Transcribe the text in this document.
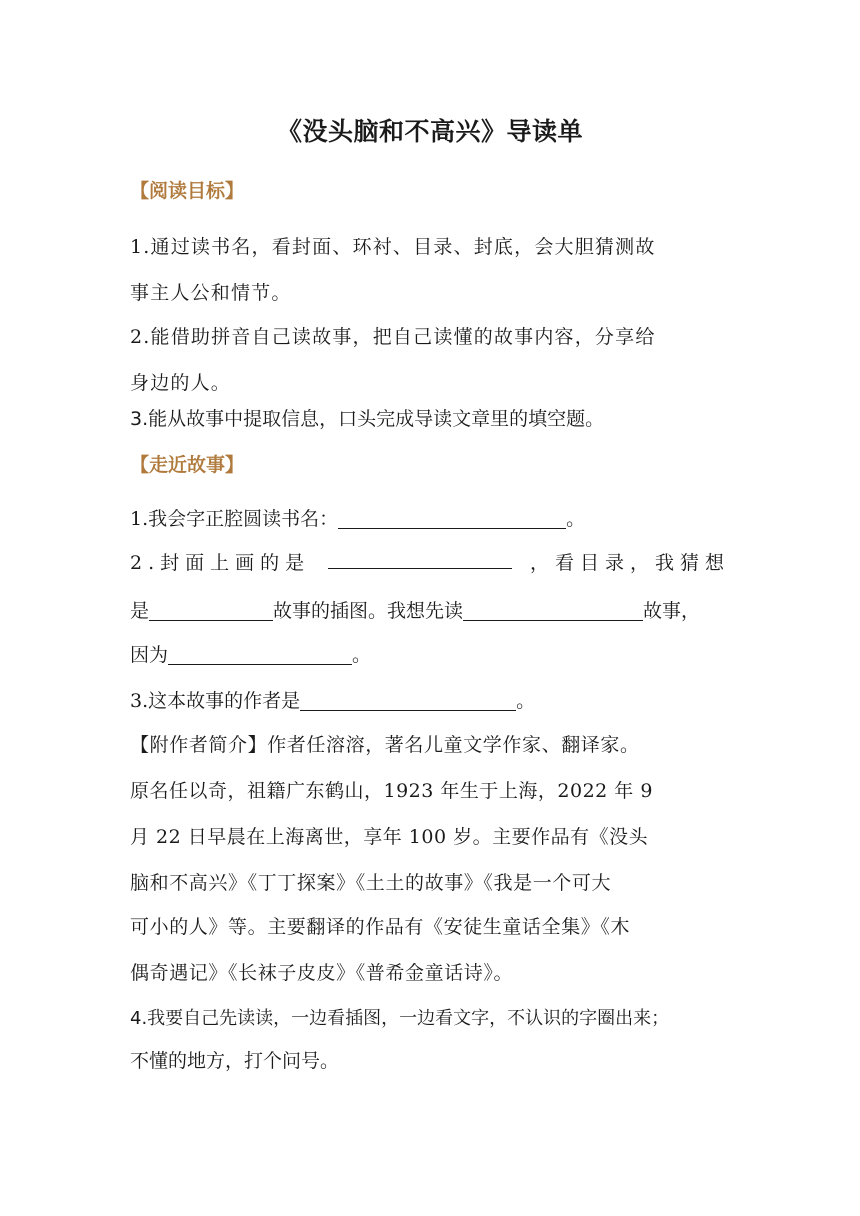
《没头脑和不高兴》导读单
【阅读目标】
1.通过读书名，看封面、环衬、目录、封底，会大胆猜测故
事主人公和情节。
2.能借助拼音自己读故事，把自己读懂的故事内容，分享给
身边的人。
3.能从故事中提取信息，口头完成导读文章里的填空题。
【走近故事】
1.我会字正腔圆读书名：	。
2.封面上画的是	，看目录，我猜想
是	故事的插图。我想先读	故事，
因为	。
3.这本故事的作者是	。
【附作者简介】作者任溶溶，著名儿童文学作家、翻译家。
原名任以奇，祖籍广东鹤山，1923 年生于上海，2022 年 9
月 22 日早晨在上海离世，享年 100 岁。主要作品有《没头
脑和不高兴》《丁丁探案》《土土的故事》《我是一个可大
可小的人》等。主要翻译的作品有《安徒生童话全集》《木
偶奇遇记》《长袜子皮皮》《普希金童话诗》。
4.我要自己先读读，一边看插图，一边看文字，不认识的字圈出来；
不懂的地方，打个问号。
